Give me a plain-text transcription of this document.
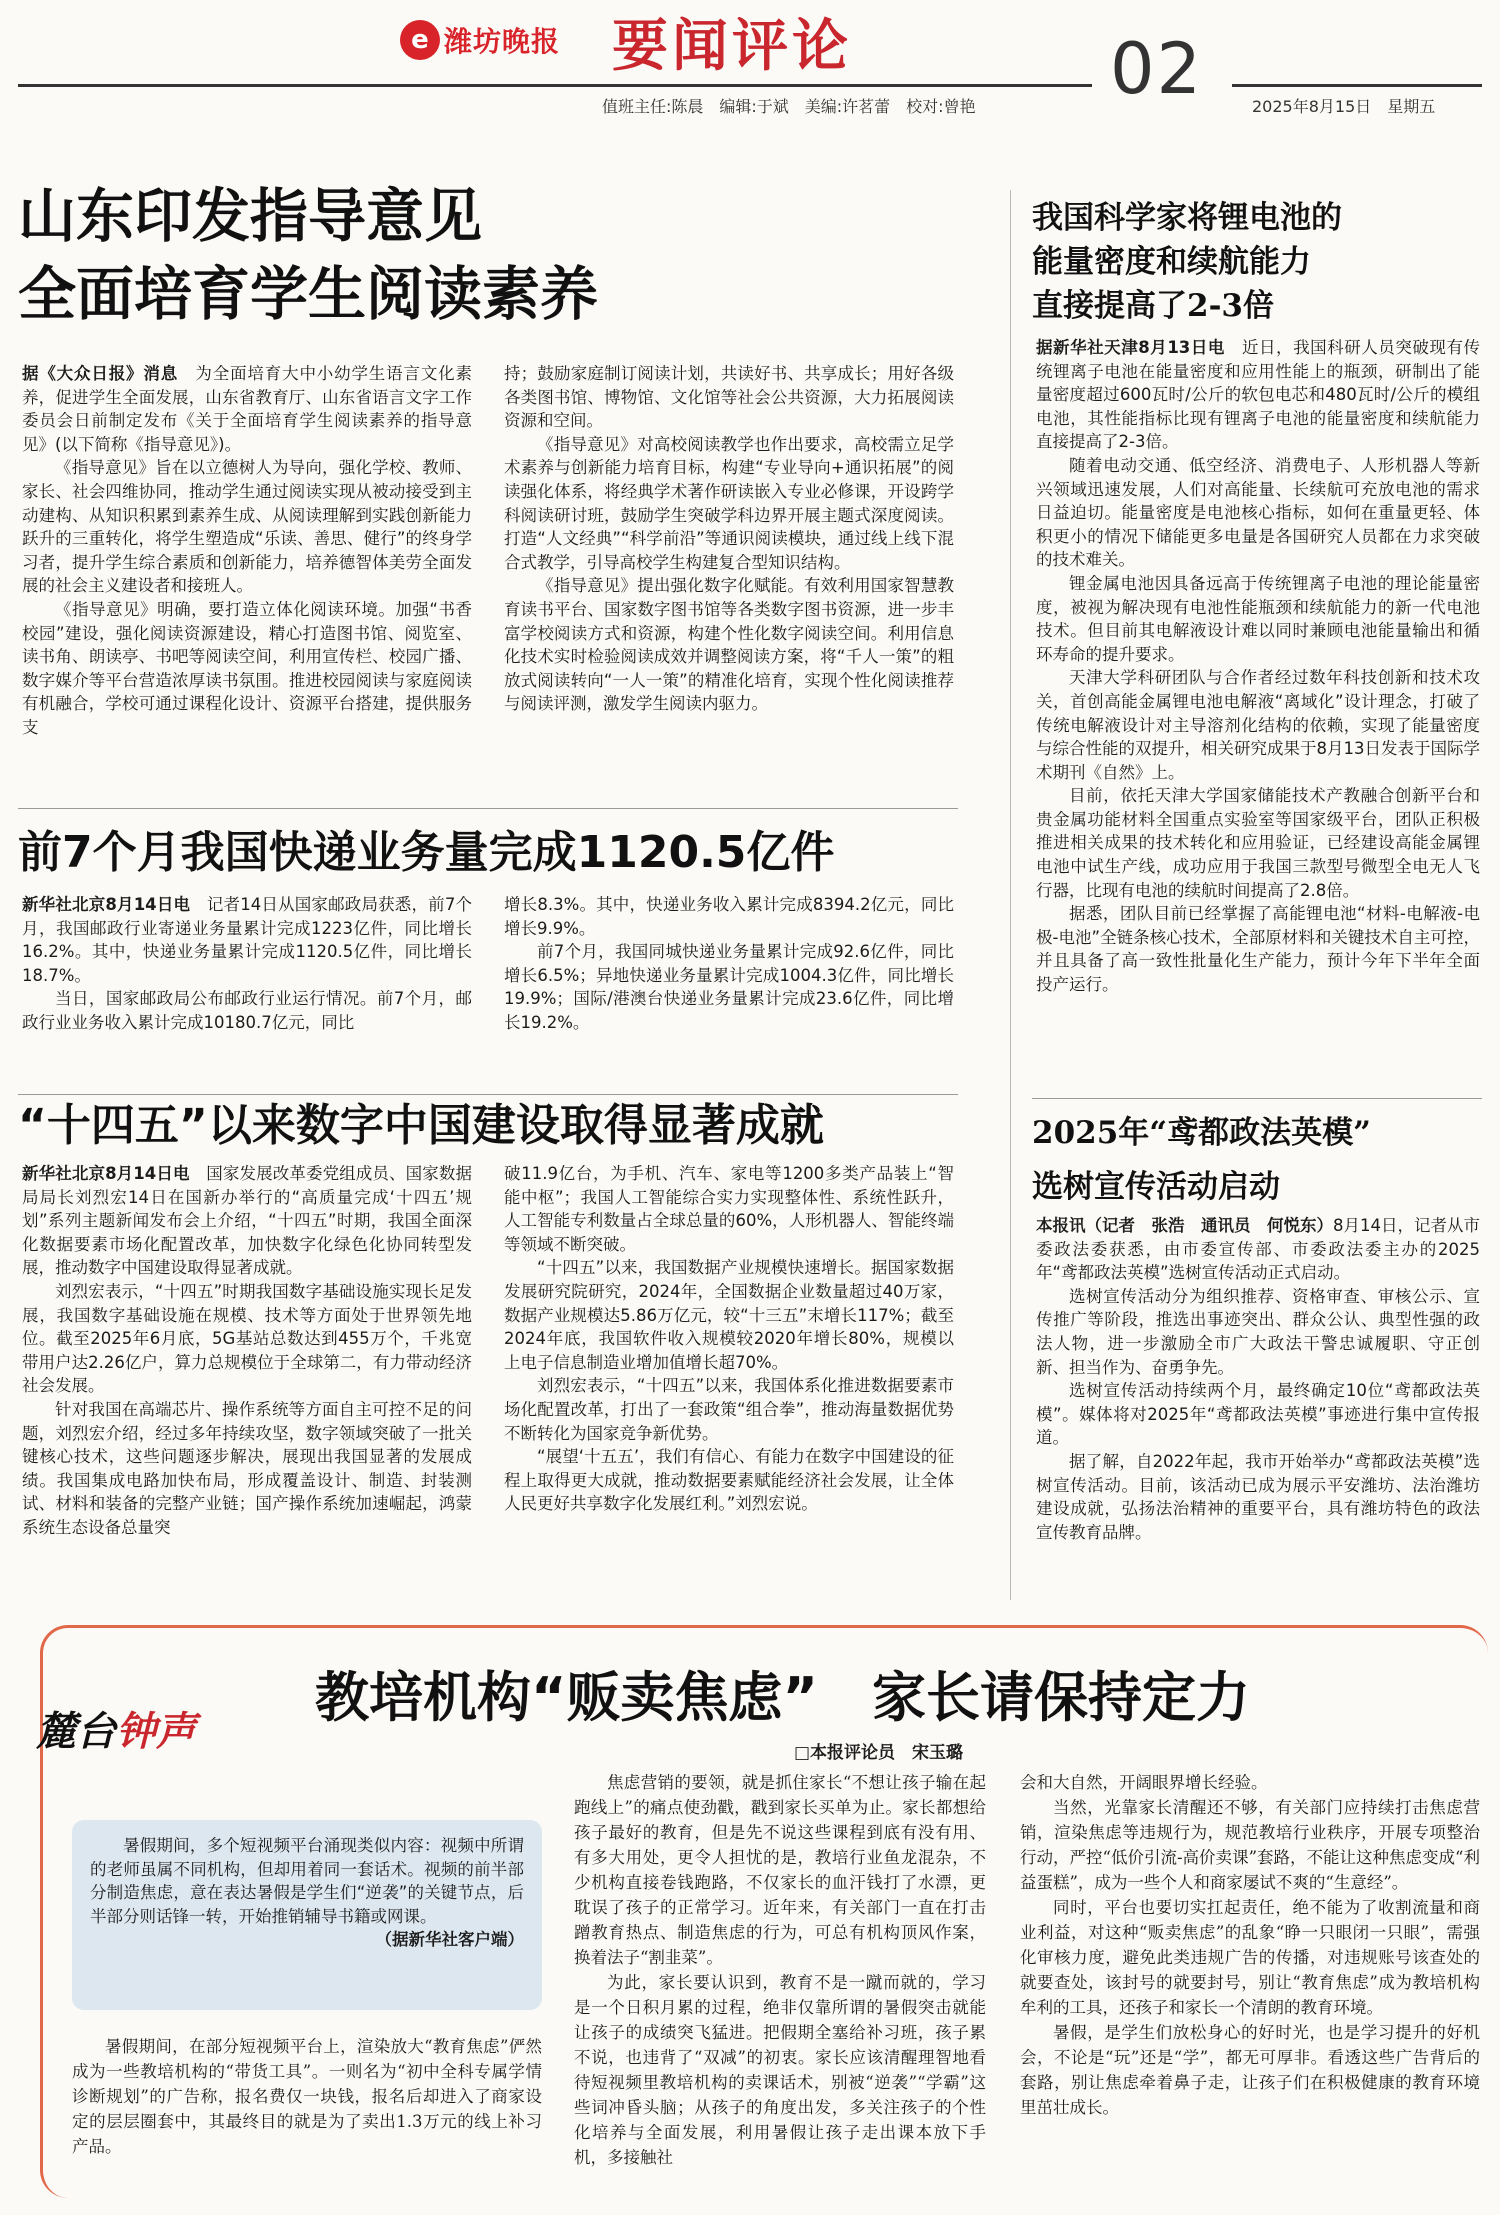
e 潍坊晚报 要闻评论	02
值班主任:陈晨　编辑:于斌　美编:许茗蕾　校对:曾艳	2025年8月15日　星期五
山东印发指导意见
全面培育学生阅读素养

据《大众日报》消息　为全面培育大中小幼学生语言文化素养，促进学生全面发展，山东省教育厅、山东省语言文字工作委员会日前制定发布《关于全面培育学生阅读素养的指导意见》(以下简称《指导意见》)。

《指导意见》旨在以立德树人为导向，强化学校、教师、家长、社会四维协同，推动学生通过阅读实现从被动接受到主动建构、从知识积累到素养生成、从阅读理解到实践创新能力跃升的三重转化，将学生塑造成“乐读、善思、健行”的终身学习者，提升学生综合素质和创新能力，培养德智体美劳全面发展的社会主义建设者和接班人。

《指导意见》明确，要打造立体化阅读环境。加强“书香校园”建设，强化阅读资源建设，精心打造图书馆、阅览室、读书角、朗读亭、书吧等阅读空间，利用宣传栏、校园广播、数字媒介等平台营造浓厚读书氛围。推进校园阅读与家庭阅读有机融合，学校可通过课程化设计、资源平台搭建，提供服务支

持；鼓励家庭制订阅读计划，共读好书、共享成长；用好各级各类图书馆、博物馆、文化馆等社会公共资源，大力拓展阅读资源和空间。

《指导意见》对高校阅读教学也作出要求，高校需立足学术素养与创新能力培育目标，构建“专业导向+通识拓展”的阅读强化体系，将经典学术著作研读嵌入专业必修课，开设跨学科阅读研讨班，鼓励学生突破学科边界开展主题式深度阅读。打造“人文经典”“科学前沿”等通识阅读模块，通过线上线下混合式教学，引导高校学生构建复合型知识结构。

《指导意见》提出强化数字化赋能。有效利用国家智慧教育读书平台、国家数字图书馆等各类数字图书资源，进一步丰富学校阅读方式和资源，构建个性化数字阅读空间。利用信息化技术实时检验阅读成效并调整阅读方案，将“千人一策”的粗放式阅读转向“一人一策”的精准化培育，实现个性化阅读推荐与阅读评测，激发学生阅读内驱力。

前7个月我国快递业务量完成1120.5亿件

新华社北京8月14日电　记者14日从国家邮政局获悉，前7个月，我国邮政行业寄递业务量累计完成1223亿件，同比增长16.2%。其中，快递业务量累计完成1120.5亿件，同比增长18.7%。

当日，国家邮政局公布邮政行业运行情况。前7个月，邮政行业业务收入累计完成10180.7亿元，同比

增长8.3%。其中，快递业务收入累计完成8394.2亿元，同比增长9.9%。

前7个月，我国同城快递业务量累计完成92.6亿件，同比增长6.5%；异地快递业务量累计完成1004.3亿件，同比增长19.9%；国际/港澳台快递业务量累计完成23.6亿件，同比增长19.2%。

“十四五”以来数字中国建设取得显著成就

新华社北京8月14日电　国家发展改革委党组成员、国家数据局局长刘烈宏14日在国新办举行的“高质量完成‘十四五’规划”系列主题新闻发布会上介绍，“十四五”时期，我国全面深化数据要素市场化配置改革，加快数字化绿色化协同转型发展，推动数字中国建设取得显著成就。

刘烈宏表示，“十四五”时期我国数字基础设施实现长足发展，我国数字基础设施在规模、技术等方面处于世界领先地位。截至2025年6月底，5G基站总数达到455万个，千兆宽带用户达2.26亿户，算力总规模位于全球第二，有力带动经济社会发展。

针对我国在高端芯片、操作系统等方面自主可控不足的问题，刘烈宏介绍，经过多年持续攻坚，数字领域突破了一批关键核心技术，这些问题逐步解决，展现出我国显著的发展成绩。我国集成电路加快布局，形成覆盖设计、制造、封装测试、材料和装备的完整产业链；国产操作系统加速崛起，鸿蒙系统生态设备总量突

破11.9亿台，为手机、汽车、家电等1200多类产品装上“智能中枢”；我国人工智能综合实力实现整体性、系统性跃升，人工智能专利数量占全球总量的60%，人形机器人、智能终端等领域不断突破。

“十四五”以来，我国数据产业规模快速增长。据国家数据发展研究院研究，2024年，全国数据企业数量超过40万家，数据产业规模达5.86万亿元，较“十三五”末增长117%；截至2024年底，我国软件收入规模较2020年增长80%，规模以上电子信息制造业增加值增长超70%。

刘烈宏表示，“十四五”以来，我国体系化推进数据要素市场化配置改革，打出了一套政策“组合拳”，推动海量数据优势不断转化为国家竞争新优势。

“展望‘十五五’，我们有信心、有能力在数字中国建设的征程上取得更大成就，推动数据要素赋能经济社会发展，让全体人民更好共享数字化发展红利。”刘烈宏说。

我国科学家将锂电池的
能量密度和续航能力
直接提高了2-3倍

据新华社天津8月13日电　近日，我国科研人员突破现有传统锂离子电池在能量密度和应用性能上的瓶颈，研制出了能量密度超过600瓦时/公斤的软包电芯和480瓦时/公斤的模组电池，其性能指标比现有锂离子电池的能量密度和续航能力直接提高了2-3倍。

随着电动交通、低空经济、消费电子、人形机器人等新兴领域迅速发展，人们对高能量、长续航可充放电池的需求日益迫切。能量密度是电池核心指标，如何在重量更轻、体积更小的情况下储能更多电量是各国研究人员都在力求突破的技术难关。

锂金属电池因具备远高于传统锂离子电池的理论能量密度，被视为解决现有电池性能瓶颈和续航能力的新一代电池技术。但目前其电解液设计难以同时兼顾电池能量输出和循环寿命的提升要求。

天津大学科研团队与合作者经过数年科技创新和技术攻关，首创高能金属锂电池电解液“离域化”设计理念，打破了传统电解液设计对主导溶剂化结构的依赖，实现了能量密度与综合性能的双提升，相关研究成果于8月13日发表于国际学术期刊《自然》上。

目前，依托天津大学国家储能技术产教融合创新平台和贵金属功能材料全国重点实验室等国家级平台，团队正积极推进相关成果的技术转化和应用验证，已经建设高能金属锂电池中试生产线，成功应用于我国三款型号微型全电无人飞行器，比现有电池的续航时间提高了2.8倍。

据悉，团队目前已经掌握了高能锂电池“材料-电解液-电极-电池”全链条核心技术，全部原材料和关键技术自主可控，并且具备了高一致性批量化生产能力，预计今年下半年全面投产运行。

2025年“鸢都政法英模”
选树宣传活动启动

本报讯（记者　张浩　通讯员　何悦东）8月14日，记者从市委政法委获悉，由市委宣传部、市委政法委主办的2025年“鸢都政法英模”选树宣传活动正式启动。

选树宣传活动分为组织推荐、资格审查、审核公示、宣传推广等阶段，推选出事迹突出、群众公认、典型性强的政法人物，进一步激励全市广大政法干警忠诚履职、守正创新、担当作为、奋勇争先。

选树宣传活动持续两个月，最终确定10位“鸢都政法英模”。媒体将对2025年“鸢都政法英模”事迹进行集中宣传报道。

据了解，自2022年起，我市开始举办“鸢都政法英模”选树宣传活动。目前，该活动已成为展示平安潍坊、法治潍坊建设成就，弘扬法治精神的重要平台，具有潍坊特色的政法宣传教育品牌。

麓台钟声
教培机构“贩卖焦虑”　家长请保持定力
□本报评论员　宋玉璐

暑假期间，多个短视频平台涌现类似内容：视频中所谓的老师虽属不同机构，但却用着同一套话术。视频的前半部分制造焦虑，意在表达暑假是学生们“逆袭”的关键节点，后半部分则话锋一转，开始推销辅导书籍或网课。

（据新华社客户端）

暑假期间，在部分短视频平台上，渲染放大“教育焦虑”俨然成为一些教培机构的“带货工具”。一则名为“初中全科专属学情诊断规划”的广告称，报名费仅一块钱，报名后却进入了商家设定的层层圈套中，其最终目的就是为了卖出1.3万元的线上补习产品。

焦虑营销的要领，就是抓住家长“不想让孩子输在起跑线上”的痛点使劲戳，戳到家长买单为止。家长都想给孩子最好的教育，但是先不说这些课程到底有没有用、有多大用处，更令人担忧的是，教培行业鱼龙混杂，不少机构直接卷钱跑路，不仅家长的血汗钱打了水漂，更耽误了孩子的正常学习。近年来，有关部门一直在打击蹭教育热点、制造焦虑的行为，可总有机构顶风作案，换着法子“割韭菜”。

为此，家长要认识到，教育不是一蹴而就的，学习是一个日积月累的过程，绝非仅靠所谓的暑假突击就能让孩子的成绩突飞猛进。把假期全塞给补习班，孩子累不说，也违背了“双减”的初衷。家长应该清醒理智地看待短视频里教培机构的卖课话术，别被“逆袭”“学霸”这些词冲昏头脑；从孩子的角度出发，多关注孩子的个性化培养与全面发展，利用暑假让孩子走出课本放下手机，多接触社

会和大自然，开阔眼界增长经验。

当然，光靠家长清醒还不够，有关部门应持续打击焦虑营销，渲染焦虑等违规行为，规范教培行业秩序，开展专项整治行动，严控“低价引流-高价卖课”套路，不能让这种焦虑变成“利益蛋糕”，成为一些个人和商家屡试不爽的“生意经”。

同时，平台也要切实扛起责任，绝不能为了收割流量和商业利益，对这种“贩卖焦虑”的乱象“睁一只眼闭一只眼”，需强化审核力度，避免此类违规广告的传播，对违规账号该查处的就要查处，该封号的就要封号，别让“教育焦虑”成为教培机构牟利的工具，还孩子和家长一个清朗的教育环境。

暑假，是学生们放松身心的好时光，也是学习提升的好机会，不论是“玩”还是“学”，都无可厚非。看透这些广告背后的套路，别让焦虑牵着鼻子走，让孩子们在积极健康的教育环境里茁壮成长。
